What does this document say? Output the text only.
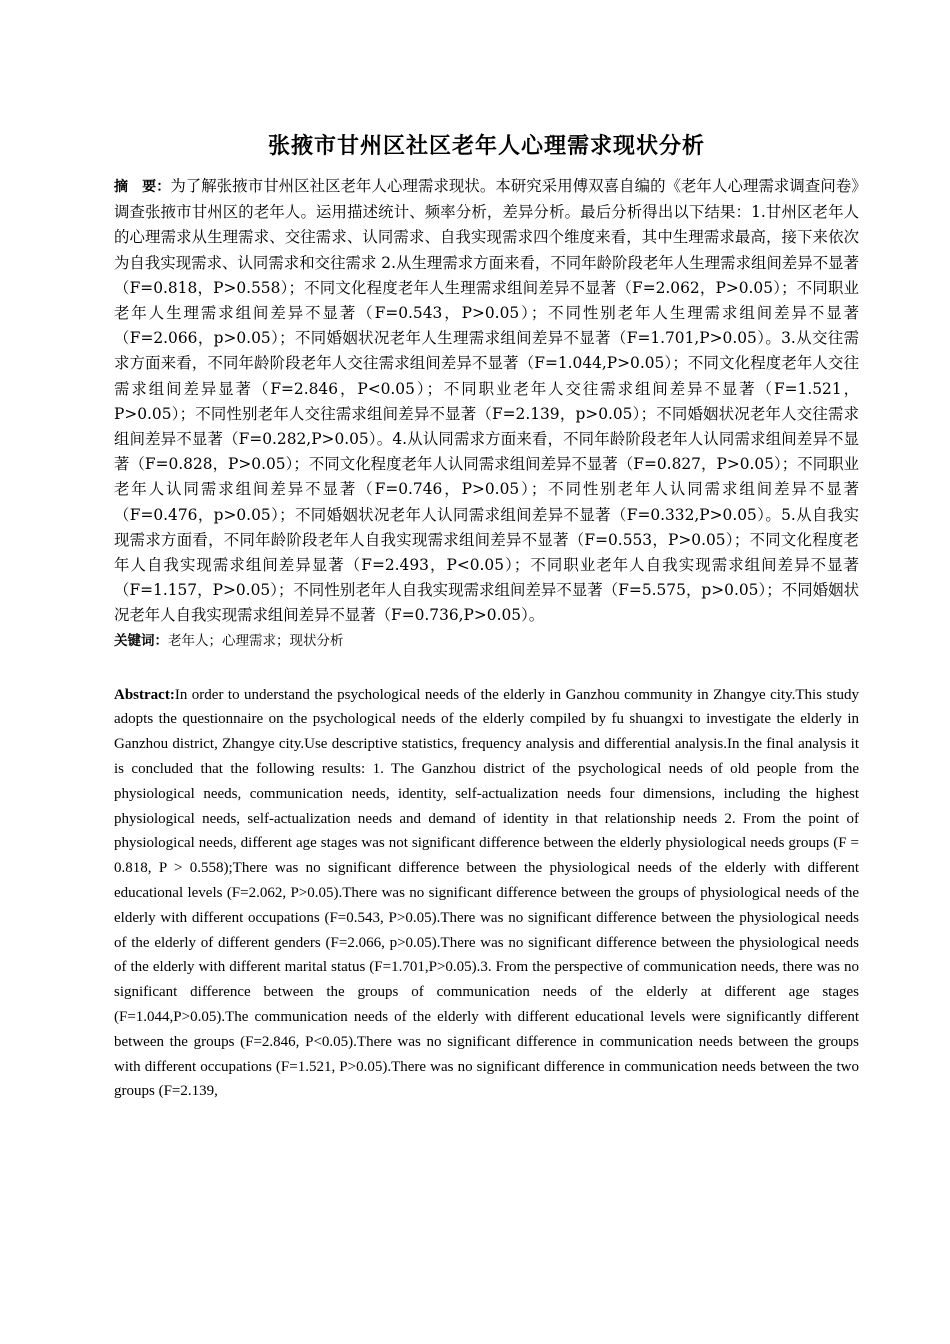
张掖市甘州区社区老年人心理需求现状分析

摘　要：为了解张掖市甘州区社区老年人心理需求现状。本研究采用傅双喜自编的《老年人心理需求调查问卷》调查张掖市甘州区的老年人。运用描述统计、频率分析，差异分析。最后分析得出以下结果：1.甘州区老年人的心理需求从生理需求、交往需求、认同需求、自我实现需求四个维度来看，其中生理需求最高，接下来依次为自我实现需求、认同需求和交往需求 2.从生理需求方面来看，不同年龄阶段老年人生理需求组间差异不显著（F=0.818，P>0.558）；不同文化程度老年人生理需求组间差异不显著（F=2.062，P>0.05）；不同职业老年人生理需求组间差异不显著（F=0.543，P>0.05）；不同性别老年人生理需求组间差异不显著（F=2.066，p>0.05）；不同婚姻状况老年人生理需求组间差异不显著（F=1.701,P>0.05）。3.从交往需求方面来看，不同年龄阶段老年人交往需求组间差异不显著（F=1.044,P>0.05）；不同文化程度老年人交往需求组间差异显著（F=2.846，P<0.05）；不同职业老年人交往需求组间差异不显著（F=1.521，P>0.05）；不同性别老年人交往需求组间差异不显著（F=2.139，p>0.05）；不同婚姻状况老年人交往需求组间差异不显著（F=0.282,P>0.05）。4.从认同需求方面来看，不同年龄阶段老年人认同需求组间差异不显著（F=0.828，P>0.05）；不同文化程度老年人认同需求组间差异不显著（F=0.827，P>0.05）；不同职业老年人认同需求组间差异不显著（F=0.746，P>0.05）；不同性别老年人认同需求组间差异不显著（F=0.476，p>0.05）；不同婚姻状况老年人认同需求组间差异不显著（F=0.332,P>0.05）。5.从自我实现需求方面看，不同年龄阶段老年人自我实现需求组间差异不显著（F=0.553，P>0.05）；不同文化程度老年人自我实现需求组间差异显著（F=2.493，P<0.05）；不同职业老年人自我实现需求组间差异不显著（F=1.157，P>0.05）；不同性别老年人自我实现需求组间差异不显著（F=5.575，p>0.05）；不同婚姻状况老年人自我实现需求组间差异不显著（F=0.736,P>0.05）。

关键词：老年人；心理需求；现状分析

Abstract:In order to understand the psychological needs of the elderly in Ganzhou community in Zhangye city.This study adopts the questionnaire on the psychological needs of the elderly compiled by fu shuangxi to investigate the elderly in Ganzhou district, Zhangye city.Use descriptive statistics, frequency analysis and differential analysis.In the final analysis it is concluded that the following results: 1. The Ganzhou district of the psychological needs of old people from the physiological needs, communication needs, identity, self-actualization needs four dimensions, including the highest physiological needs, self-actualization needs and demand of identity in that relationship needs 2. From the point of physiological needs, different age stages was not significant difference between the elderly physiological needs groups (F = 0.818, P > 0.558);There was no significant difference between the physiological needs of the elderly with different educational levels (F=2.062, P>0.05).There was no significant difference between the groups of physiological needs of the elderly with different occupations (F=0.543, P>0.05).There was no significant difference between the physiological needs of the elderly of different genders (F=2.066, p>0.05).There was no significant difference between the physiological needs of the elderly with different marital status (F=1.701,P>0.05).3. From the perspective of communication needs, there was no significant difference between the groups of communication needs of the elderly at different age stages (F=1.044,P>0.05).The communication needs of the elderly with different educational levels were significantly different between the groups (F=2.846, P<0.05).There was no significant difference in communication needs between the groups with different occupations (F=1.521, P>0.05).There was no significant difference in communication needs between the two groups (F=2.139,
